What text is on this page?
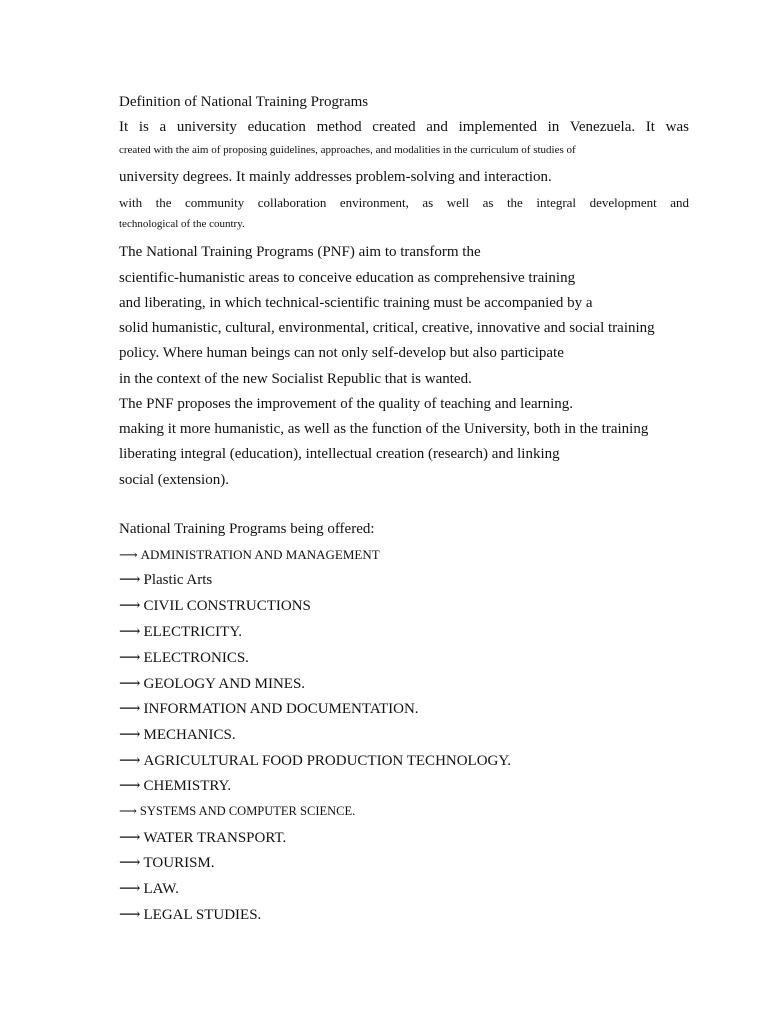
Definition of National Training Programs
It is a university education method created and implemented in Venezuela. It was
created with the aim of proposing guidelines, approaches, and modalities in the curriculum of studies of
university degrees. It mainly addresses problem-solving and interaction.
with the community collaboration environment, as well as the integral development and
technological of the country.
The National Training Programs (PNF) aim to transform the
scientific-humanistic areas to conceive education as comprehensive training
and liberating, in which technical-scientific training must be accompanied by a
solid humanistic, cultural, environmental, critical, creative, innovative and social training
policy. Where human beings can not only self-develop but also participate
in the context of the new Socialist Republic that is wanted.
The PNF proposes the improvement of the quality of teaching and learning.
making it more humanistic, as well as the function of the University, both in the training
liberating integral (education), intellectual creation (research) and linking
social (extension).
National Training Programs being offered:
⟶ ADMINISTRATION AND MANAGEMENT
⟶ Plastic Arts
⟶ CIVIL CONSTRUCTIONS
⟶ ELECTRICITY.
⟶ ELECTRONICS.
⟶ GEOLOGY AND MINES.
⟶ INFORMATION AND DOCUMENTATION.
⟶ MECHANICS.
⟶ AGRICULTURAL FOOD PRODUCTION TECHNOLOGY.
⟶ CHEMISTRY.
⟶ SYSTEMS AND COMPUTER SCIENCE.
⟶ WATER TRANSPORT.
⟶ TOURISM.
⟶ LAW.
⟶ LEGAL STUDIES.
